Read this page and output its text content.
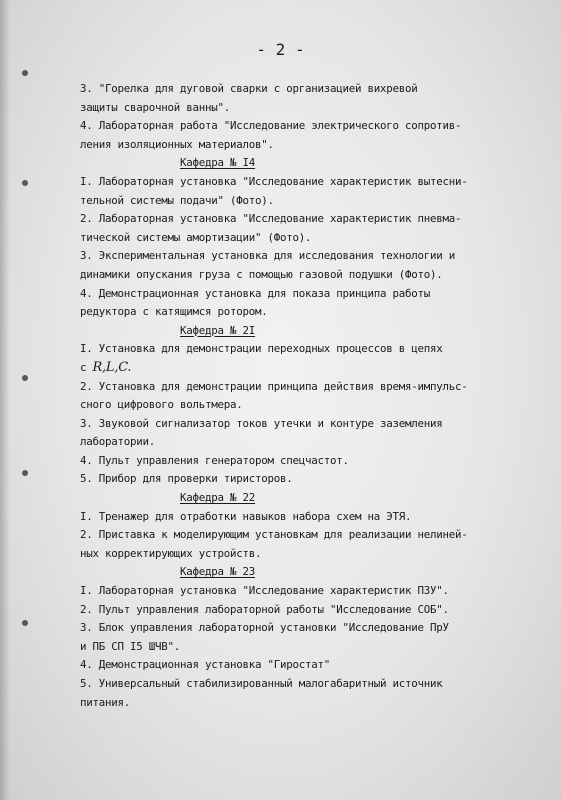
- 2 -
3. "Горелка для дуговой сварки с организацией вихревой
защиты сварочной ванны".
4. Лабораторная работа "Исследование электрического сопротив-
ления изоляционных материалов".
Кафедра № I4
I. Лабораторная установка "Исследование характеристик вытесни-
тельной системы подачи" (Фото).
2. Лабораторная установка "Исследование характеристик пневма-
тической системы амортизации" (Фото).
3. Экспериментальная установка для исследования технологии и
динамики опускания груза с помощью газовой подушки (Фото).
4. Демонстрационная установка для показа принципа работы
редуктора с катящимся ротором.
Кафедра № 2I
I. Установка для демонстрации переходных процессов в цепях
с R,L,C.
2. Установка для демонстрации принципа действия время-импульс-
сного цифрового вольтмера.
3. Звуковой сигнализатор токов утечки и контуре заземления
лаборатории.
4. Пульт управления генератором спецчастот.
5. Прибор для проверки тиристоров.
Кафедра № 22
I. Тренажер для отработки навыков набора схем на ЭТЯ.
2. Приставка к моделирующим установкам для реализации нелиней-
ных корректирующих устройств.
Кафедра № 23
I. Лабораторная установка "Исследование характеристик ПЗУ".
2. Пульт управления лабораторной работы "Исследование СОБ".
3. Блок управления лабораторной установки "Исследование ПрУ
и ПБ СП I5 ШЧВ".
4. Демонстрационная установка "Гиростат"
5. Универсальный стабилизированный малогабаритный источник
питания.
